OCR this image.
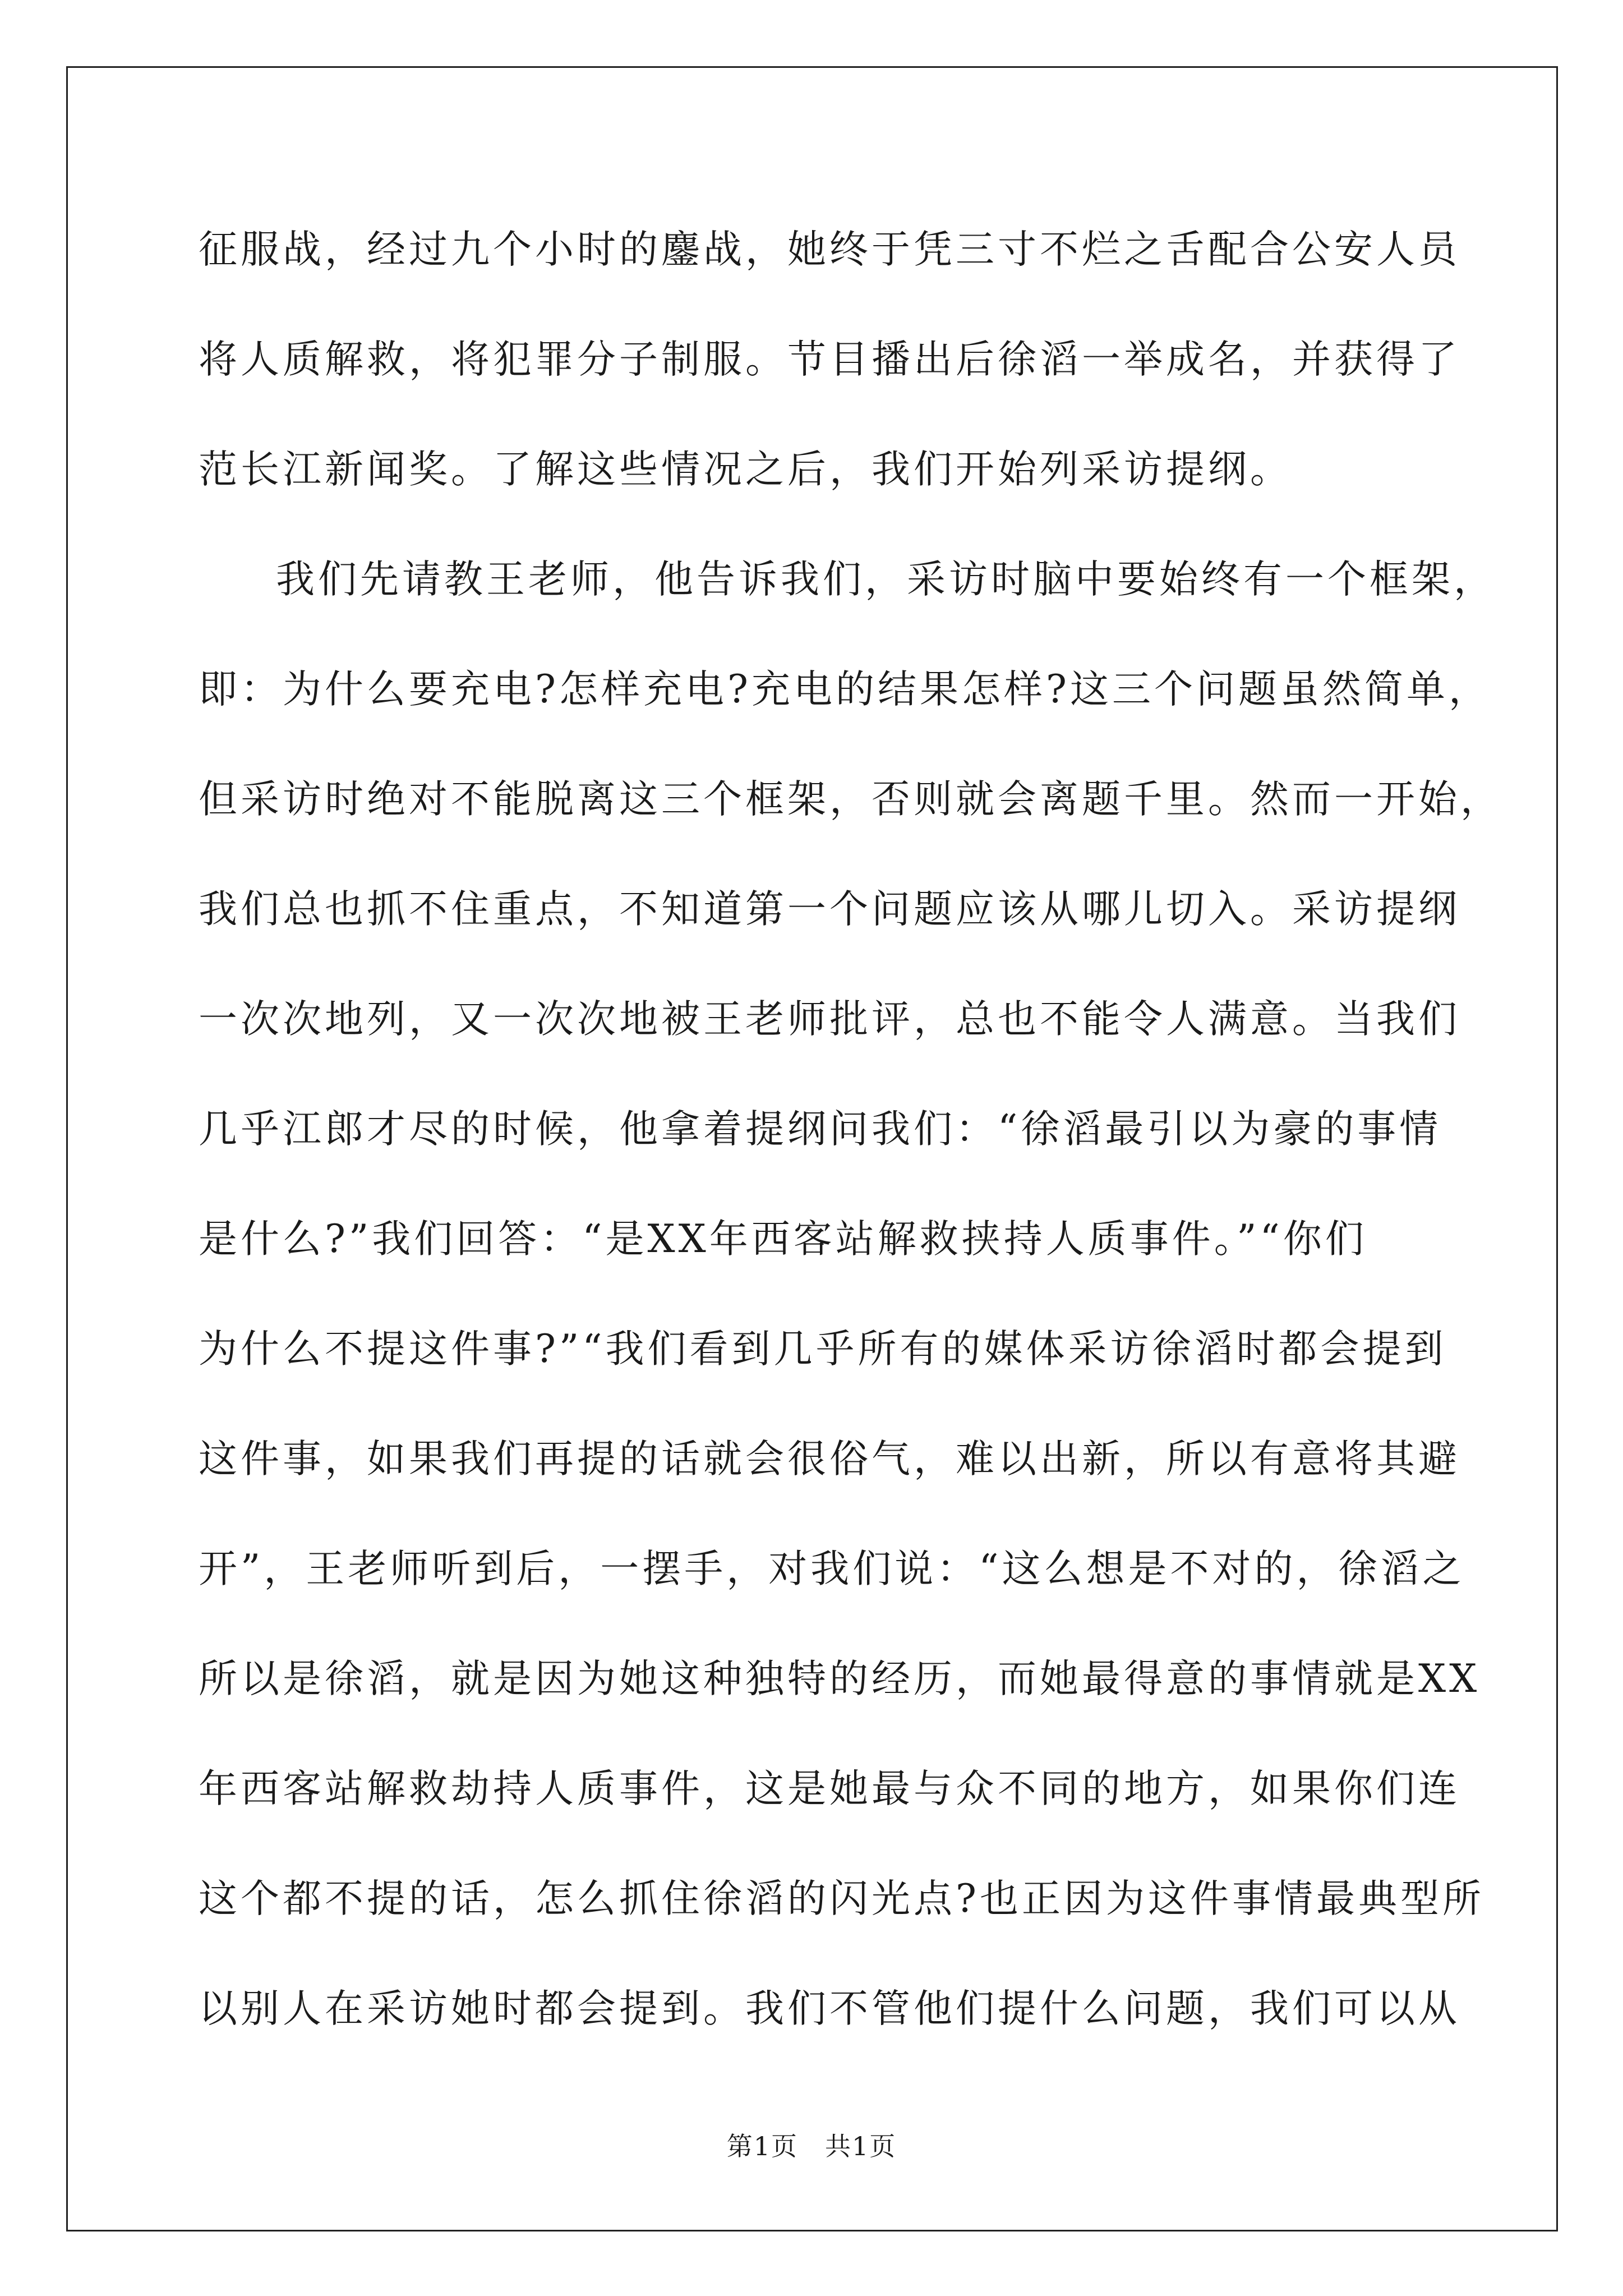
征服战，经过九个小时的鏖战，她终于凭三寸不烂之舌配合公安人员
将人质解救，将犯罪分子制服。节目播出后徐滔一举成名，并获得了
范长江新闻奖。了解这些情况之后，我们开始列采访提纲。
我们先请教王老师，他告诉我们，采访时脑中要始终有一个框架，
即：为什么要充电?怎样充电?充电的结果怎样?这三个问题虽然简单，
但采访时绝对不能脱离这三个框架，否则就会离题千里。然而一开始，
我们总也抓不住重点，不知道第一个问题应该从哪儿切入。采访提纲
一次次地列，又一次次地被王老师批评，总也不能令人满意。当我们
几乎江郎才尽的时候，他拿着提纲问我们：“徐滔最引以为豪的事情
是什么?”我们回答：“是XX年西客站解救挟持人质事件。”“你们
为什么不提这件事?”“我们看到几乎所有的媒体采访徐滔时都会提到
这件事，如果我们再提的话就会很俗气，难以出新，所以有意将其避
开”，王老师听到后，一摆手，对我们说：“这么想是不对的，徐滔之
所以是徐滔，就是因为她这种独特的经历，而她最得意的事情就是XX
年西客站解救劫持人质事件，这是她最与众不同的地方，如果你们连
这个都不提的话，怎么抓住徐滔的闪光点?也正因为这件事情最典型所
以别人在采访她时都会提到。我们不管他们提什么问题，我们可以从
第1页　共1页
